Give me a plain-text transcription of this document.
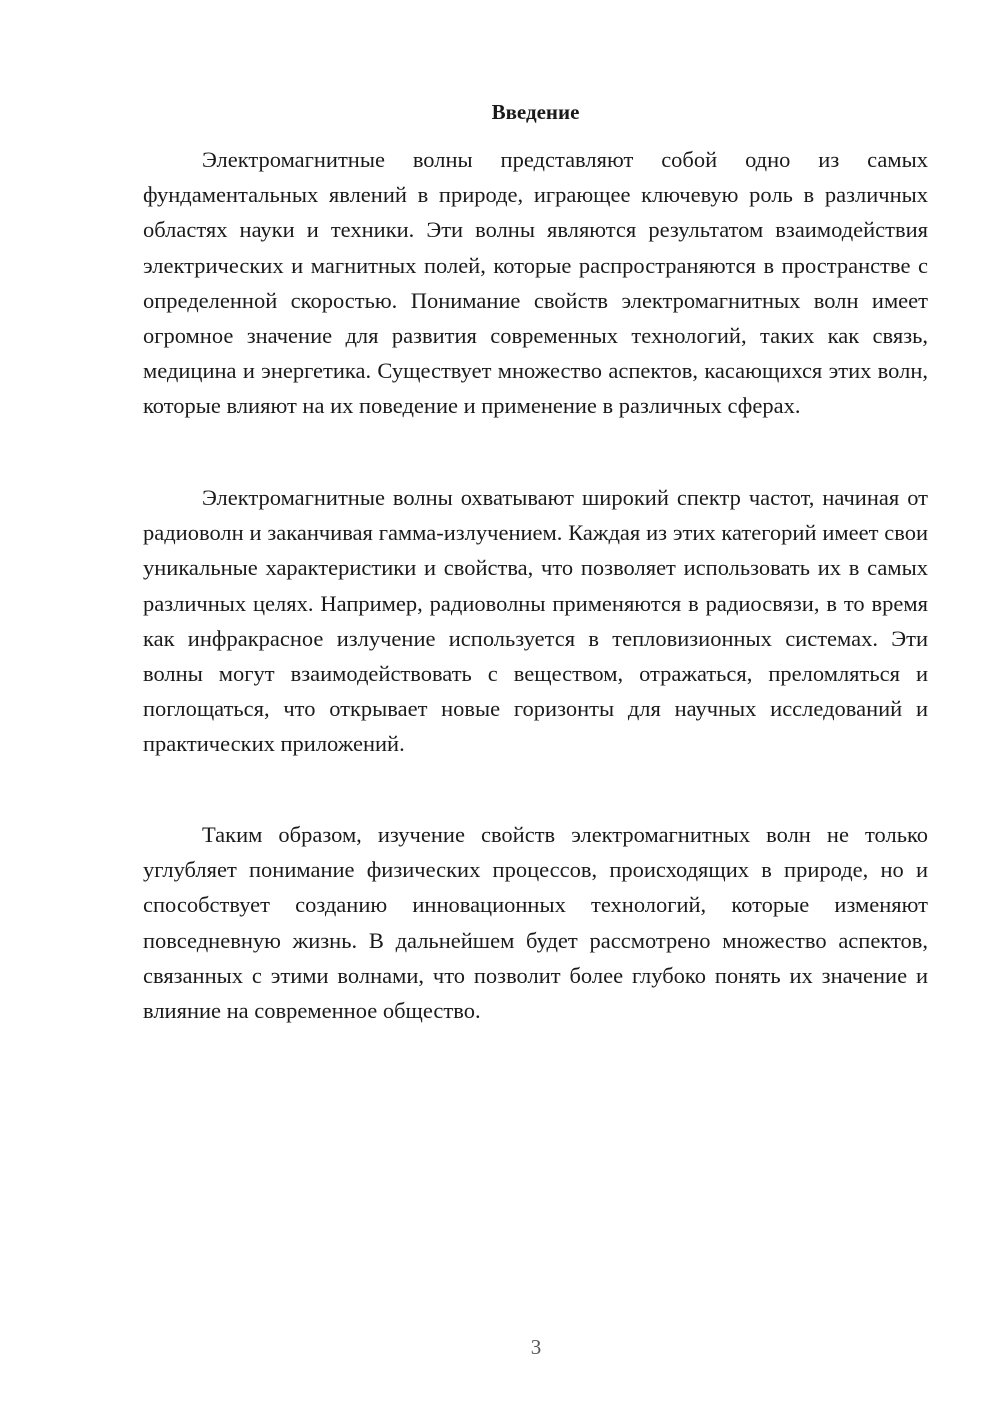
Введение

Электромагнитные волны представляют собой одно из самых фундаментальных явлений в природе, играющее ключевую роль в различных областях науки и техники. Эти волны являются результатом взаимодействия электрических и магнитных полей, которые распространяются в пространстве с определенной скоростью. Понимание свойств электромагнитных волн имеет огромное значение для развития современных технологий, таких как связь, медицина и энергетика. Существует множество аспектов, касающихся этих волн, которые влияют на их поведение и применение в различных сферах.

Электромагнитные волны охватывают широкий спектр частот, начиная от радиоволн и заканчивая гамма-излучением. Каждая из этих категорий имеет свои уникальные характеристики и свойства, что позволяет использовать их в самых различных целях. Например, радиоволны применяются в радиосвязи, в то время как инфракрасное излучение используется в тепловизионных системах. Эти волны могут взаимодействовать с веществом, отражаться, преломляться и поглощаться, что открывает новые горизонты для научных исследований и практических приложений.

Таким образом, изучение свойств электромагнитных волн не только углубляет понимание физических процессов, происходящих в природе, но и способствует созданию инновационных технологий, которые изменяют повседневную жизнь. В дальнейшем будет рассмотрено множество аспектов, связанных с этими волнами, что позволит более глубоко понять их значение и влияние на современное общество.

3
